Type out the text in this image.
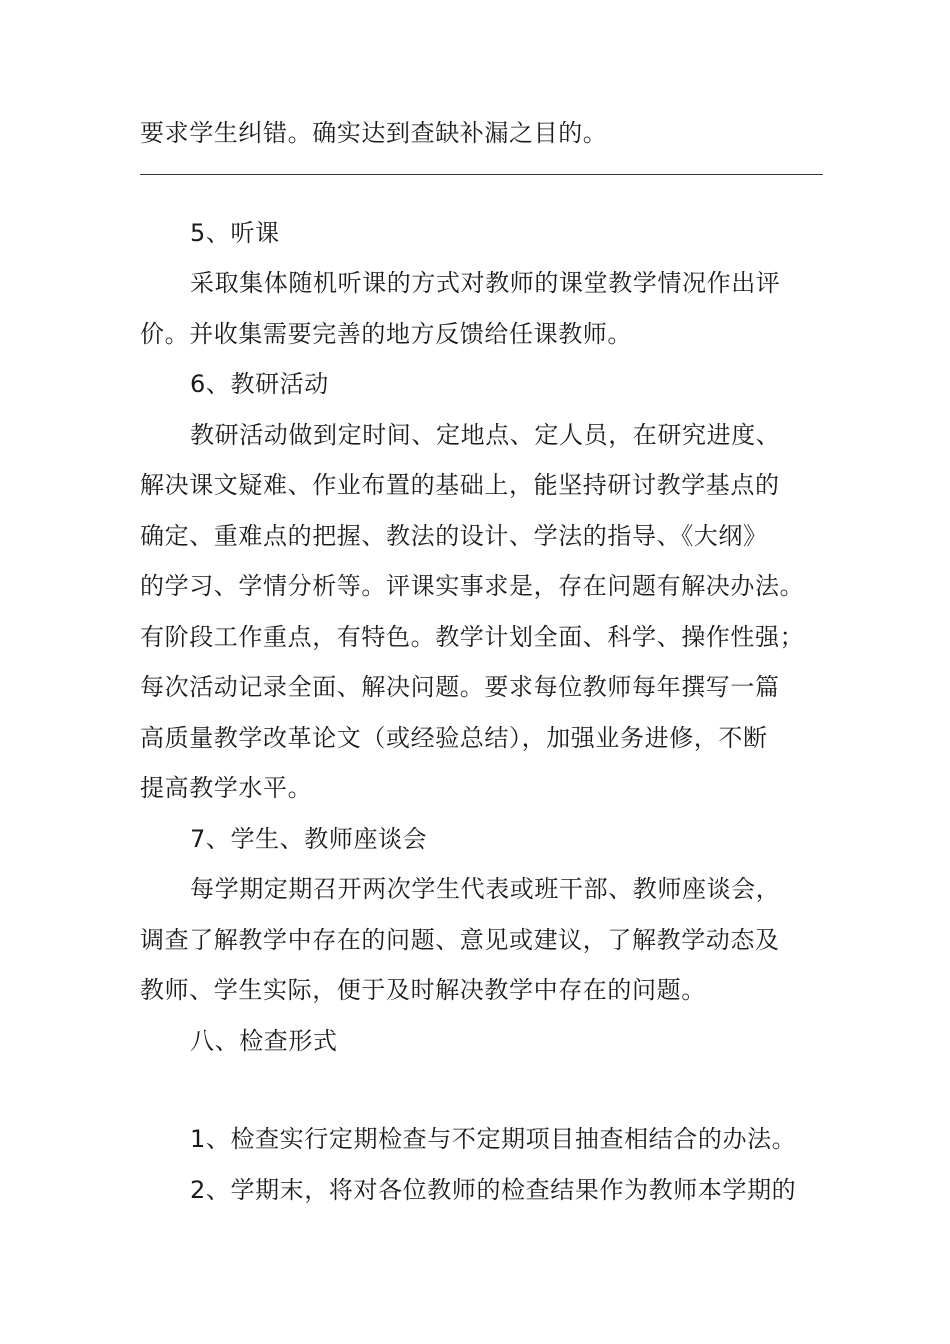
要求学生纠错。确实达到查缺补漏之目的。
5、听课
采取集体随机听课的方式对教师的课堂教学情况作出评
价。并收集需要完善的地方反馈给任课教师。
6、教研活动
教研活动做到定时间、定地点、定人员，在研究进度、
解决课文疑难、作业布置的基础上，能坚持研讨教学基点的
确定、重难点的把握、教法的设计、学法的指导、《大纲》
的学习、学情分析等。评课实事求是，存在问题有解决办法。
有阶段工作重点，有特色。教学计划全面、科学、操作性强；
每次活动记录全面、解决问题。要求每位教师每年撰写一篇
高质量教学改革论文（或经验总结），加强业务进修，不断
提高教学水平。
7、学生、教师座谈会
每学期定期召开两次学生代表或班干部、教师座谈会，
调查了解教学中存在的问题、意见或建议，了解教学动态及
教师、学生实际，便于及时解决教学中存在的问题。
八、检查形式
1、检查实行定期检查与不定期项目抽查相结合的办法。
2、学期末，将对各位教师的检查结果作为教师本学期的
